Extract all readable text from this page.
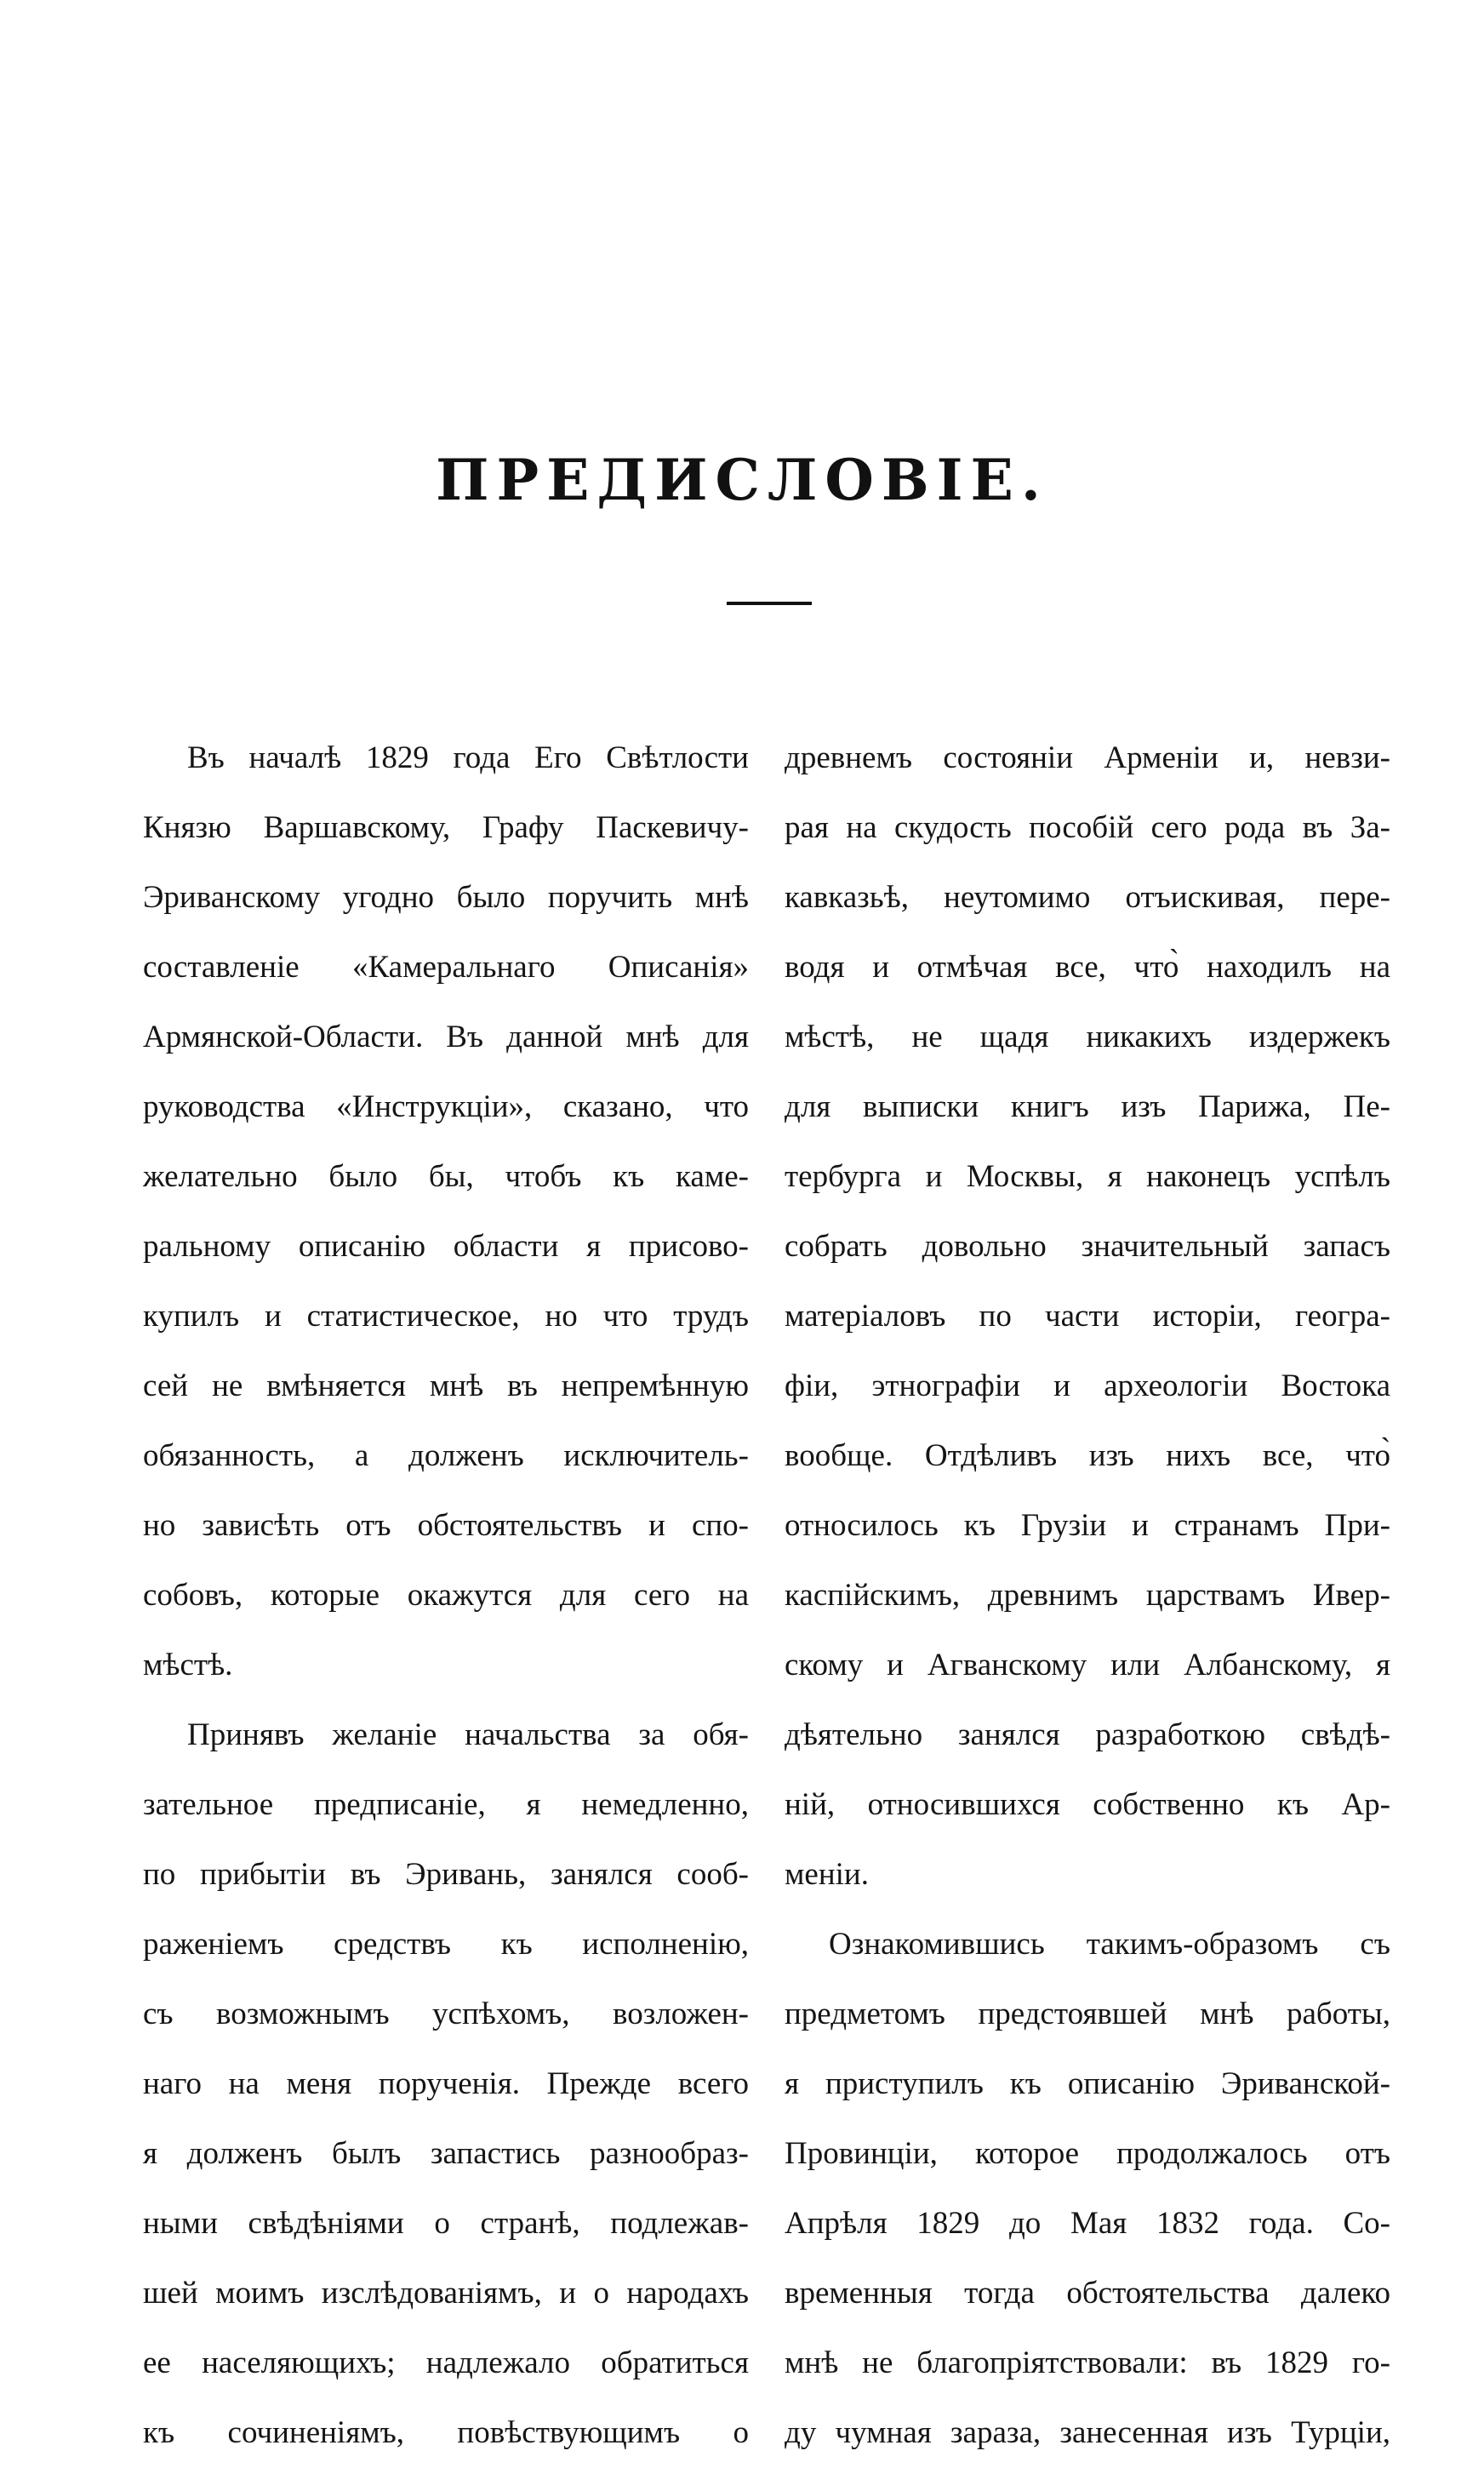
ПРЕДИСЛОВІЕ.
Въ началѣ 1829 года Его Свѣтлости
Князю Варшавскому, Графу Паскевичу-
Эриванскому угодно было поручить мнѣ
составленіе «Камеральнаго Описанія»
Армянской-Области. Въ данной мнѣ для
руководства «Инструкціи», сказано, что
желательно было бы, чтобъ къ каме-
ральному описанію области я присово-
купилъ и статистическое, но что трудъ
сей не вмѣняется мнѣ въ непремѣнную
обязанность, а долженъ исключитель-
но зависѣть отъ обстоятельствъ и спо-
собовъ, которые окажутся для сего на
мѣстѣ.
Принявъ желаніе начальства за обя-
зательное предписаніе, я немедленно,
по прибытіи въ Эривань, занялся сооб-
раженіемъ средствъ къ исполненію,
съ возможнымъ успѣхомъ, возложен-
наго на меня порученія. Прежде всего
я долженъ былъ запастись разнообраз-
ными свѣдѣніями о странѣ, подлежав-
шей моимъ изслѣдованіямъ, и о народахъ
ее населяющихъ; надлежало обратиться
къ сочиненіямъ, повѣствующимъ о
древнемъ состояніи Арменіи и, невзи-
рая на скудость пособій сего рода въ За-
кавказьѣ, неутомимо отъискивая, пере-
водя и отмѣчая все, что̀ находилъ на
мѣстѣ, не щадя никакихъ издержекъ
для выписки книгъ изъ Парижа, Пе-
тербурга и Москвы, я наконецъ успѣлъ
собрать довольно значительный запасъ
матеріаловъ по части исторіи, геогра-
фіи, этнографіи и археологіи Востока
вообще. Отдѣливъ изъ нихъ все, что̀
относилось къ Грузіи и странамъ При-
каспійскимъ, древнимъ царствамъ Ивер-
скому и Агванскому или Албанскому, я
дѣятельно занялся разработкою свѣдѣ-
ній, относившихся собственно къ Ар-
меніи.
Ознакомившись такимъ-образомъ съ
предметомъ предстоявшей мнѣ работы,
я приступилъ къ описанію Эриванской-
Провинціи, которое продолжалось отъ
Апрѣля 1829 до Мая 1832 года. Со-
временныя тогда обстоятельства далеко
мнѣ не благопріятствовали: въ 1829 го-
ду чумная зараза, занесенная изъ Турціи,
